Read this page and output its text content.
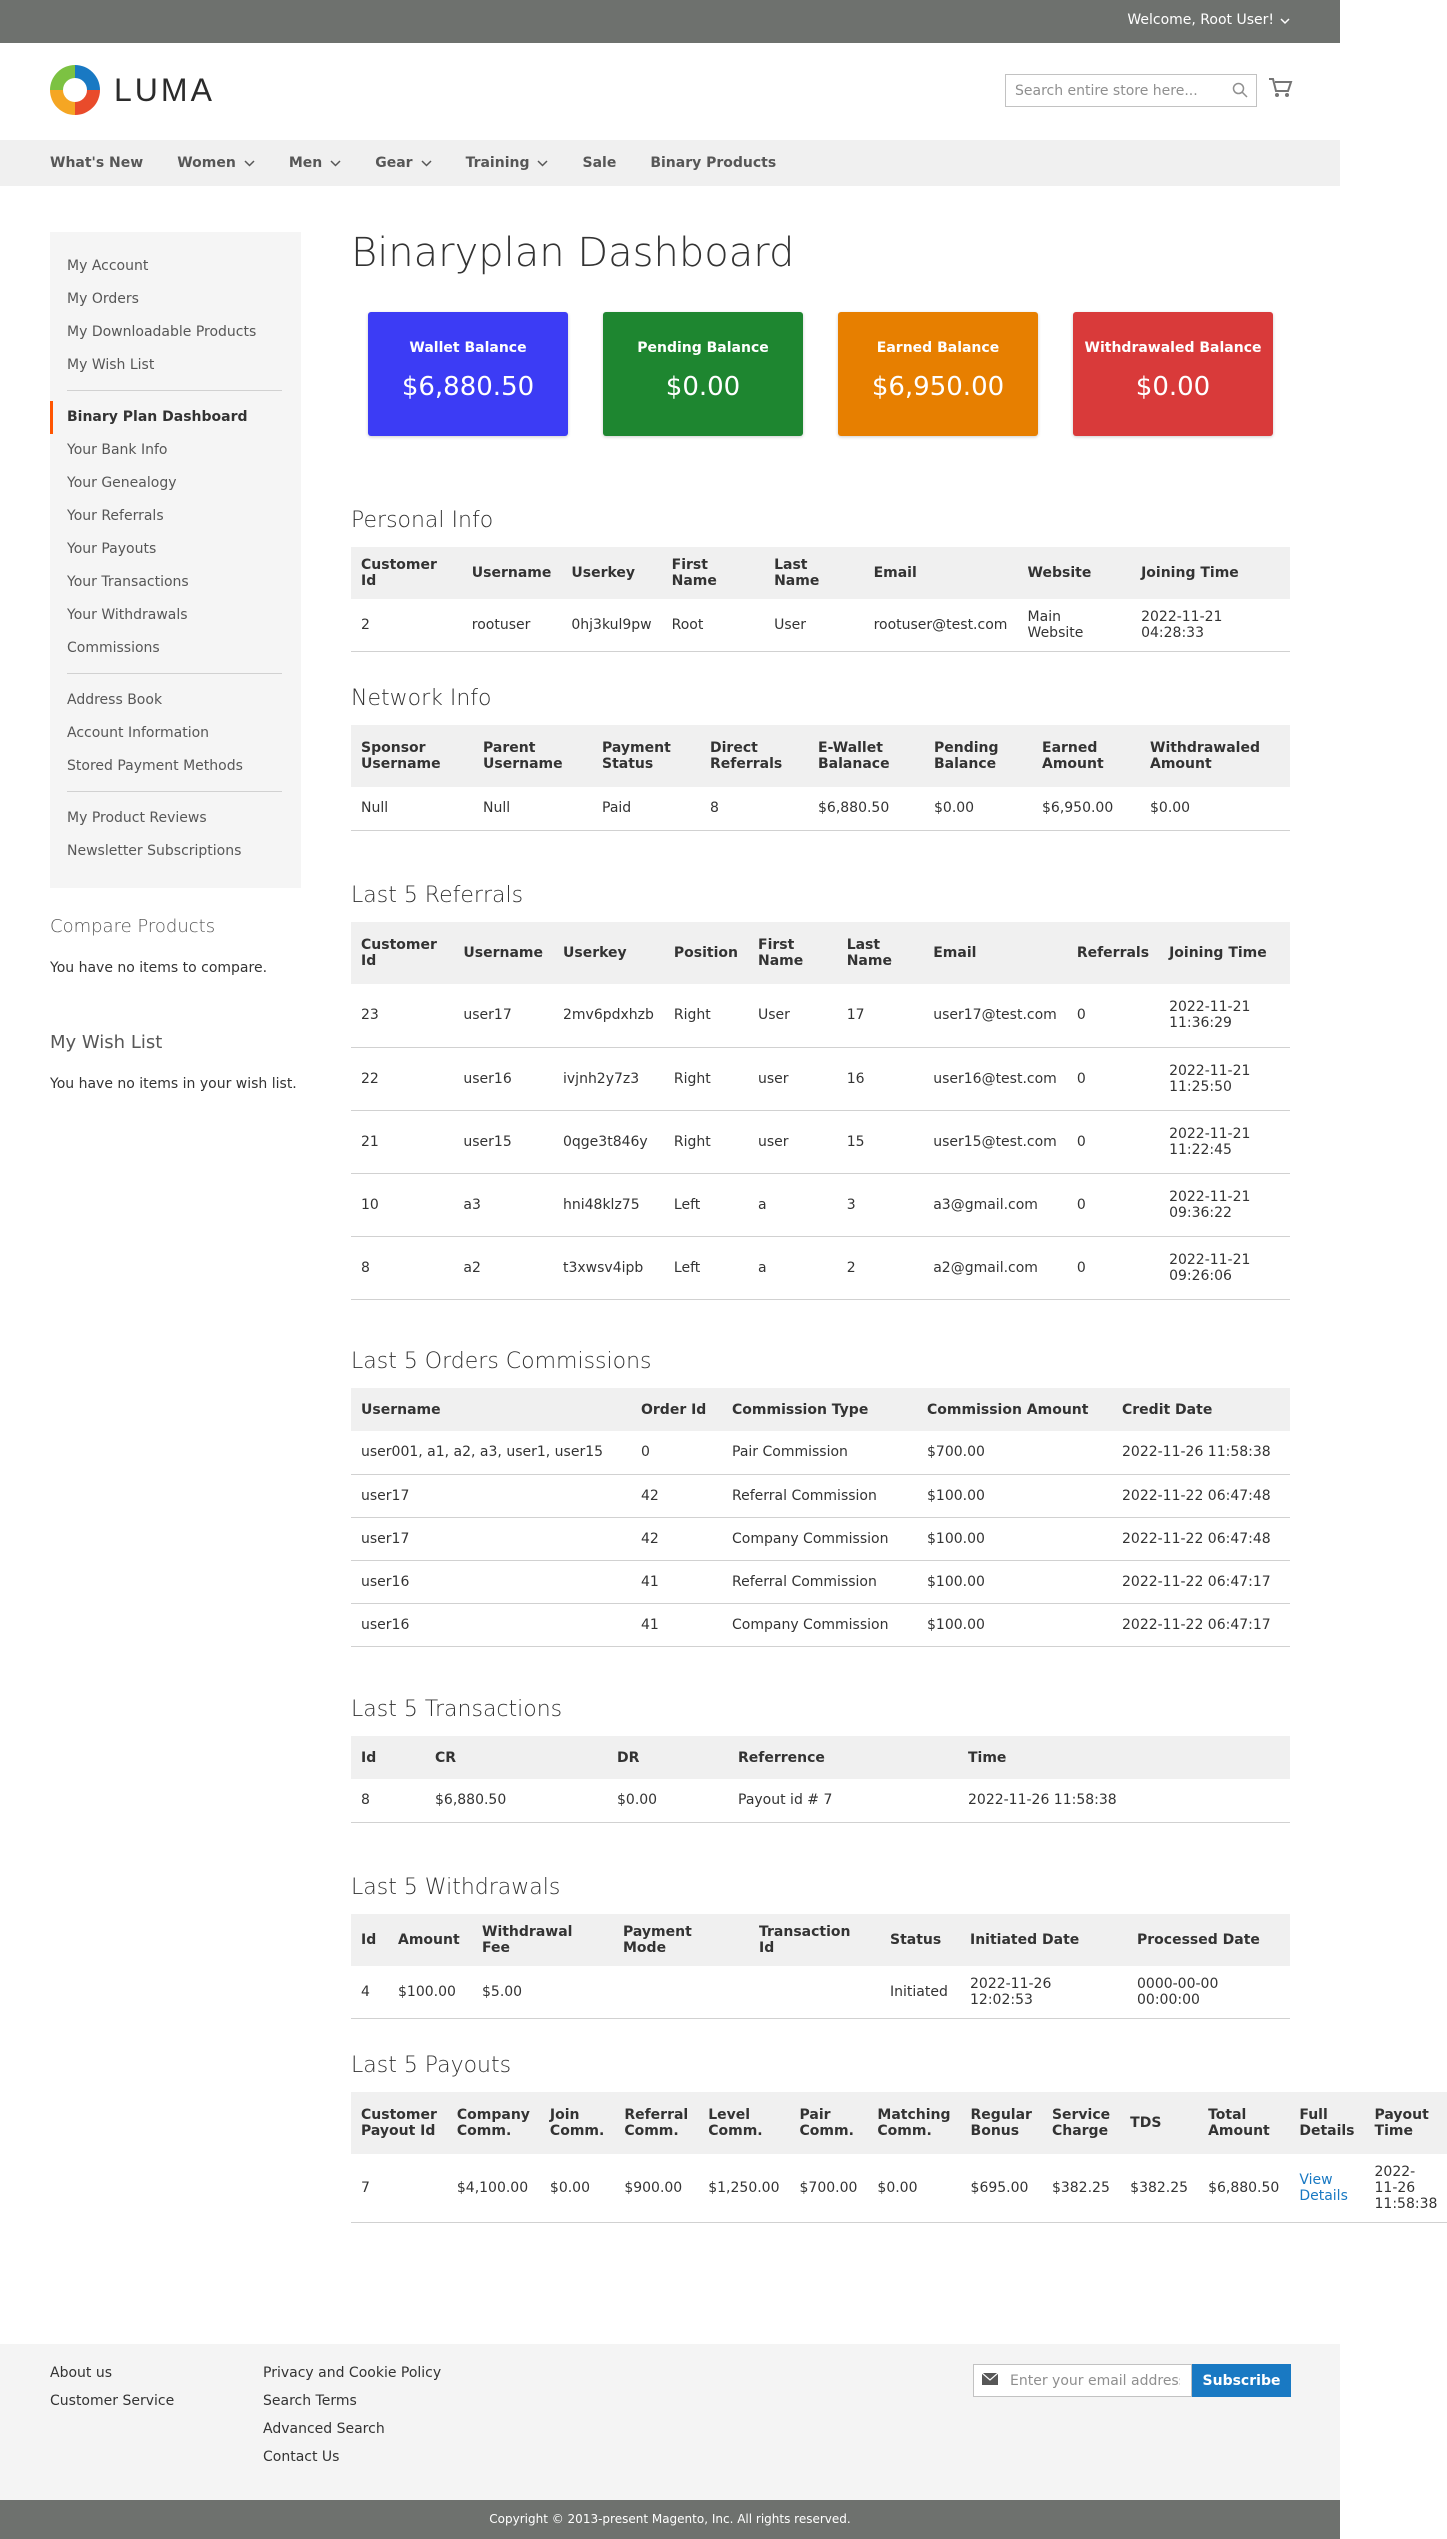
Welcome, Root User!
LUMA
Search entire store here...
What's New Women	Men	Gear	Training	Sale Binary Products
My Account
My Orders
My Downloadable Products
My Wish List
Binary Plan Dashboard
Your Bank Info
Your Genealogy
Your Referrals
Your Payouts
Your Transactions
Your Withdrawals
Commissions
Address Book
Account Information
Stored Payment Methods
My Product Reviews
Newsletter Subscriptions
Compare Products
You have no items to compare.
My Wish List
You have no items in your wish list.
Binaryplan Dashboard
Wallet Balance
$6,880.50
Pending Balance
$0.00
Earned Balance
$6,950.00
Withdrawaled Balance
$0.00
Personal Info
Customer Id	Username	Userkey	First Name	Last Name	Email	Website	Joining Time
2	rootuser	0hj3kul9pw	Root	User	rootuser@test.com	Main Website	2022-11-21 04:28:33
Network Info
Sponsor Username	Parent Username	Payment Status	Direct Referrals	E-Wallet Balanace	Pending Balance	Earned Amount	Withdrawaled Amount
Null	Null	Paid	8	$6,880.50	$0.00	$6,950.00	$0.00
Last 5 Referrals
Customer Id	Username	Userkey	Position	First Name	Last Name	Email	Referrals	Joining Time
23	user17	2mv6pdxhzb	Right	User	17	user17@test.com	0	2022-11-21 11:36:29
22	user16	ivjnh2y7z3	Right	user	16	user16@test.com	0	2022-11-21 11:25:50
21	user15	0qge3t846y	Right	user	15	user15@test.com	0	2022-11-21 11:22:45
10	a3	hni48klz75	Left	a	3	a3@gmail.com	0	2022-11-21 09:36:22
8	a2	t3xwsv4ipb	Left	a	2	a2@gmail.com	0	2022-11-21 09:26:06
Last 5 Orders Commissions
Username	Order Id	Commission Type	Commission Amount	Credit Date
user001, a1, a2, a3, user1, user15	0	Pair Commission	$700.00	2022-11-26 11:58:38
user17	42	Referral Commission	$100.00	2022-11-22 06:47:48
user17	42	Company Commission	$100.00	2022-11-22 06:47:48
user16	41	Referral Commission	$100.00	2022-11-22 06:47:17
user16	41	Company Commission	$100.00	2022-11-22 06:47:17
Last 5 Transactions
Id	CR	DR	Referrence	Time
8	$6,880.50	$0.00	Payout id # 7	2022-11-26 11:58:38
Last 5 Withdrawals
Id	Amount	Withdrawal Fee	Payment Mode	Transaction Id	Status	Initiated Date	Processed Date
4	$100.00	$5.00			Initiated	2022-11-26 12:02:53	0000-00-00 00:00:00
Last 5 Payouts
Customer Payout Id	Company Comm.	Join Comm.	Referral Comm.	Level Comm.	Pair Comm.	Matching Comm.	Regular Bonus	Service Charge	TDS	Total Amount	Full Details	Payout Time
7	$4,100.00	$0.00	$900.00	$1,250.00	$700.00	$0.00	$695.00	$382.25	$382.25	$6,880.50	View Details	2022-11-26 11:58:38
About us
Customer Service
Privacy and Cookie Policy
Search Terms
Advanced Search
Contact Us
Enter your email address
Subscribe
Copyright © 2013-present Magento, Inc. All rights reserved.
